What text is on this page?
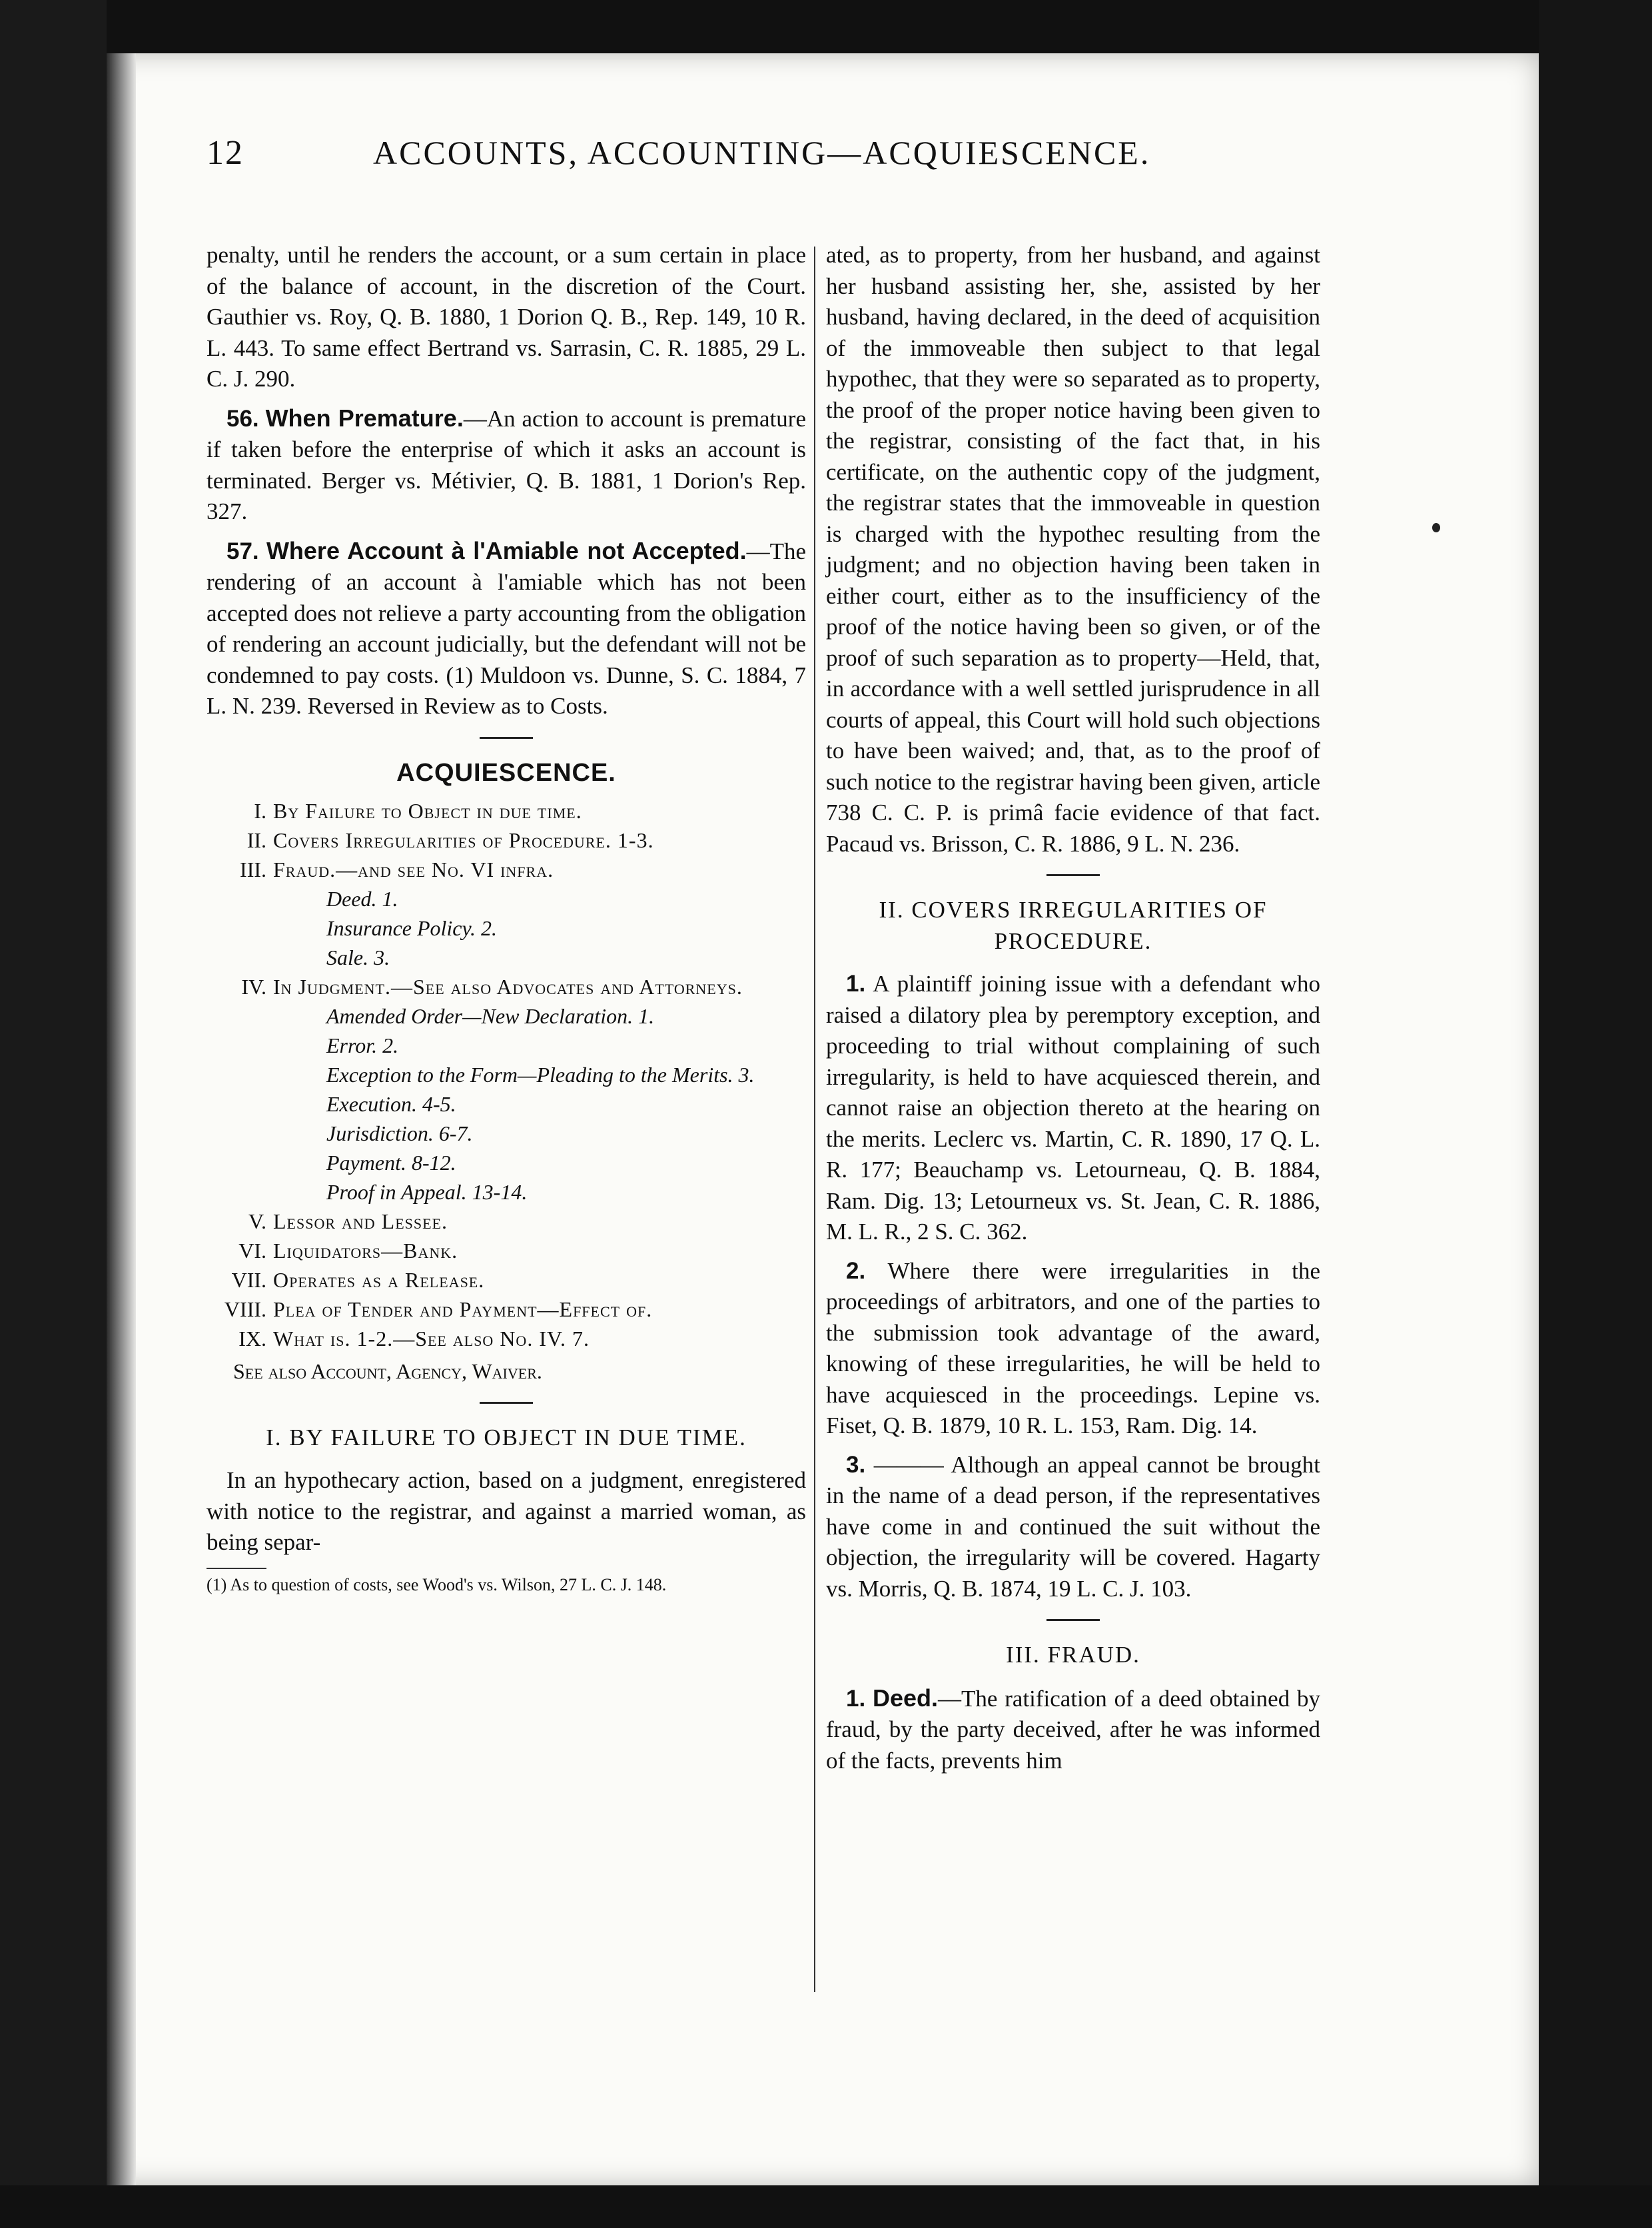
12	ACCOUNTS, ACCOUNTING—ACQUIESCENCE.

penalty, until he renders the account, or a sum certain in place of the balance of account, in the discretion of the Court. Gauthier vs. Roy, Q. B. 1880, 1 Dorion Q. B., Rep. 149, 10 R. L. 443. To same effect Bertrand vs. Sarrasin, C. R. 1885, 29 L. C. J. 290.

56. When Premature.—An action to account is premature if taken before the enterprise of which it asks an account is terminated. Berger vs. Métivier, Q. B. 1881, 1 Dorion's Rep. 327.

57. Where Account à l'Amiable not Accepted.—The rendering of an account à l'amiable which has not been accepted does not relieve a party accounting from the obligation of rendering an account judicially, but the defendant will not be condemned to pay costs. (1) Muldoon vs. Dunne, S. C. 1884, 7 L. N. 239. Reversed in Review as to Costs.

ACQUIESCENCE.
I. By Failure to Object in due time.
II. Covers Irregularities of Procedure. 1-3.
III. Fraud.—and see No. VI infra.
Deed. 1.
Insurance Policy. 2.
Sale. 3.
IV. In Judgment.—See also Advocates and Attorneys.
Amended Order—New Declaration. 1.
Error. 2.
Exception to the Form—Pleading to the Merits. 3.
Execution. 4-5.
Jurisdiction. 6-7.
Payment. 8-12.
Proof in Appeal. 13-14.
V. Lessor and Lessee.
VI. Liquidators—Bank.
VII. Operates as a Release.
VIII. Plea of Tender and Payment—Effect of.
IX. What is. 1-2.—See also No. IV. 7.
See also Account, Agency, Waiver.
I. BY FAILURE TO OBJECT IN DUE TIME.

In an hypothecary action, based on a judgment, enregistered with notice to the registrar, and against a married woman, as being separ-

(1) As to question of costs, see Wood's vs. Wilson, 27 L. C. J. 148.

ated, as to property, from her husband, and against her husband assisting her, she, assisted by her husband, having declared, in the deed of acquisition of the immoveable then subject to that legal hypothec, that they were so separated as to property, the proof of the proper notice having been given to the registrar, consisting of the fact that, in his certificate, on the authentic copy of the judgment, the registrar states that the immoveable in question is charged with the hypothec resulting from the judgment; and no objection having been taken in either court, either as to the insufficiency of the proof of the notice having been so given, or of the proof of such separation as to property—Held, that, in accordance with a well settled jurisprudence in all courts of appeal, this Court will hold such objections to have been waived; and, that, as to the proof of such notice to the registrar having been given, article 738 C. C. P. is primâ facie evidence of that fact. Pacaud vs. Brisson, C. R. 1886, 9 L. N. 236.

II. COVERS IRREGULARITIES OF PROCEDURE.

1. A plaintiff joining issue with a defendant who raised a dilatory plea by peremptory exception, and proceeding to trial without complaining of such irregularity, is held to have acquiesced therein, and cannot raise an objection thereto at the hearing on the merits. Leclerc vs. Martin, C. R. 1890, 17 Q. L. R. 177; Beauchamp vs. Letourneau, Q. B. 1884, Ram. Dig. 13; Letourneux vs. St. Jean, C. R. 1886, M. L. R., 2 S. C. 362.

2. Where there were irregularities in the proceedings of arbitrators, and one of the parties to the submission took advantage of the award, knowing of these irregularities, he will be held to have acquiesced in the proceedings. Lepine vs. Fiset, Q. B. 1879, 10 R. L. 153, Ram. Dig. 14.

3. ——— Although an appeal cannot be brought in the name of a dead person, if the representatives have come in and continued the suit without the objection, the irregularity will be covered. Hagarty vs. Morris, Q. B. 1874, 19 L. C. J. 103.

III. FRAUD.

1. Deed.—The ratification of a deed obtained by fraud, by the party deceived, after he was informed of the facts, prevents him
